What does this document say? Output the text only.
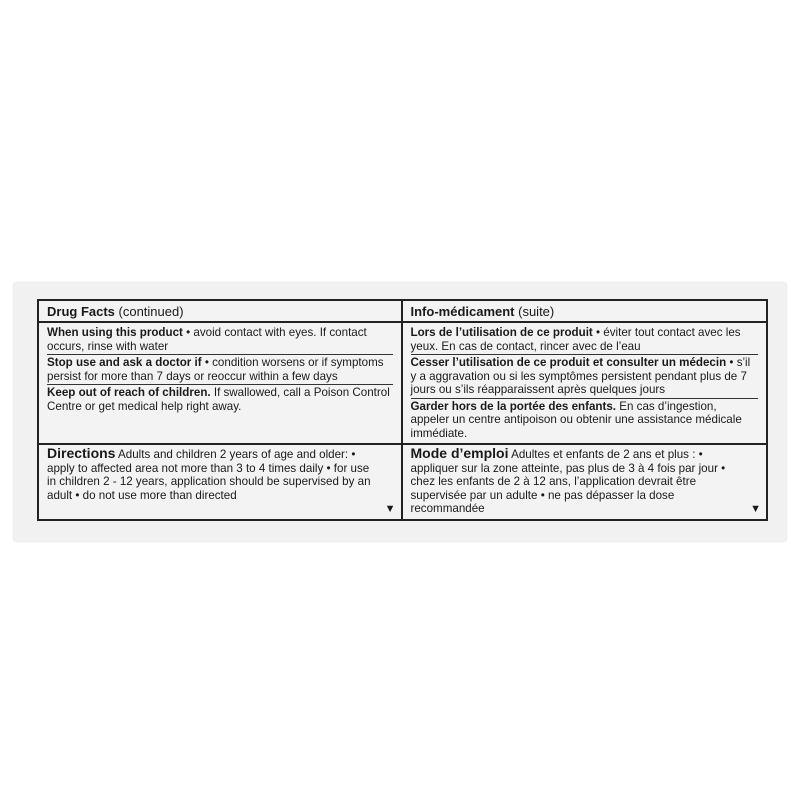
Drug Facts (continued)	Info-médicament (suite)
When using this product • avoid contact with eyes. If contact occurs, rinse with water
Stop use and ask a doctor if • condition worsens or if symptoms persist for more than 7 days or reoccur within a few days
Keep out of reach of children. If swallowed, call a Poison Control Centre or get medical help right away.
Lors de l’utilisation de ce produit • éviter tout contact avec les yeux. En cas de contact, rincer avec de l’eau
Cesser l’utilisation de ce produit et consulter un médecin • s’il y a aggravation ou si les symptômes persistent pendant plus de 7 jours ou s’ils réapparaissent après quelques jours
Garder hors de la portée des enfants. En cas d’ingestion, appeler un centre antipoison ou obtenir une assistance médicale immédiate.
Directions Adults and children 2 years of age and older: • apply to affected area not more than 3 to 4 times daily • for use in children 2 - 12 years, application should be supervised by an adult • do not use more than directed
▼
Mode d’emploi Adultes et enfants de 2 ans et plus : • appliquer sur la zone atteinte, pas plus de 3 à 4 fois par jour • chez les enfants de 2 à 12 ans, l’application devrait être supervisée par un adulte • ne pas dépasser la dose recommandée	▼
